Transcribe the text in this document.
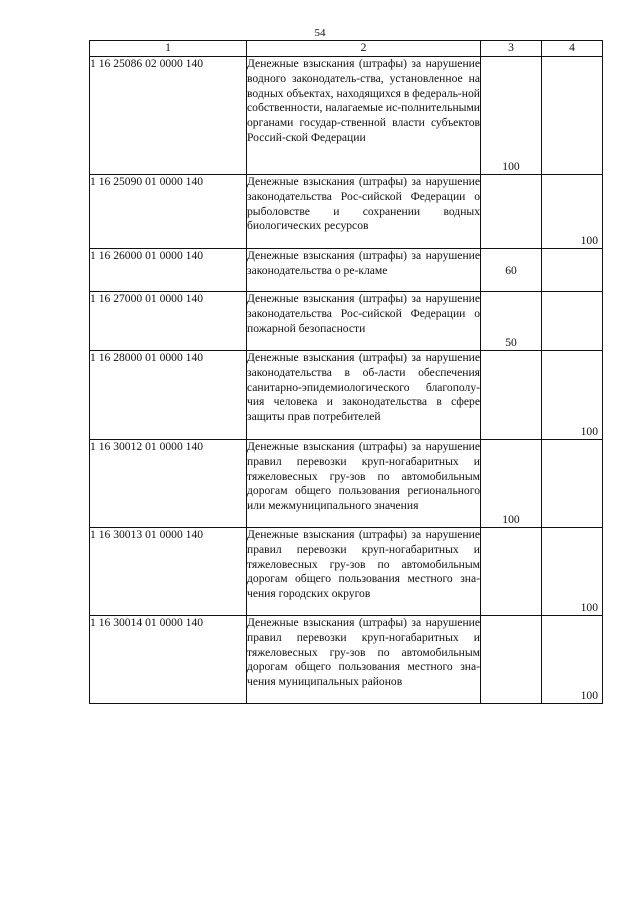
54
1	2	3	4
1 16 25086 02 0000 140	Денежные взыскания (штрафы) за нарушение водного законодатель-ства, установленное на водных объектах, находящихся в федераль-ной собственности, налагаемые ис-полнительными органами государ-ственной власти субъектов Россий-ской Федерации	100	

1 16 25090 01 0000 140	Денежные взыскания (штрафы) за нарушение законодательства Рос-сийской Федерации о рыболовстве и сохранении водных биологических ресурсов		100

1 16 26000 01 0000 140	Денежные взыскания (штрафы) за нарушение законодательства о ре-кламе	60	

1 16 27000 01 0000 140	Денежные взыскания (штрафы) за нарушение законодательства Рос-сийской Федерации о пожарной безопасности	50	

1 16 28000 01 0000 140	Денежные взыскания (штрафы) за нарушение законодательства в об-ласти обеспечения санитарно-эпидемиологического благополу-чия человека и законодательства в сфере защиты прав потребителей		100

1 16 30012 01 0000 140	Денежные взыскания (штрафы) за нарушение правил перевозки круп-ногабаритных и тяжеловесных гру-зов по автомобильным дорогам общего пользования регионального или межмуниципального значения	100	

1 16 30013 01 0000 140	Денежные взыскания (штрафы) за нарушение правил перевозки круп-ногабаритных и тяжеловесных гру-зов по автомобильным дорогам общего пользования местного зна-чения городских округов		100

1 16 30014 01 0000 140	Денежные взыскания (штрафы) за нарушение правил перевозки круп-ногабаритных и тяжеловесных гру-зов по автомобильным дорогам общего пользования местного зна-чения муниципальных районов		100
